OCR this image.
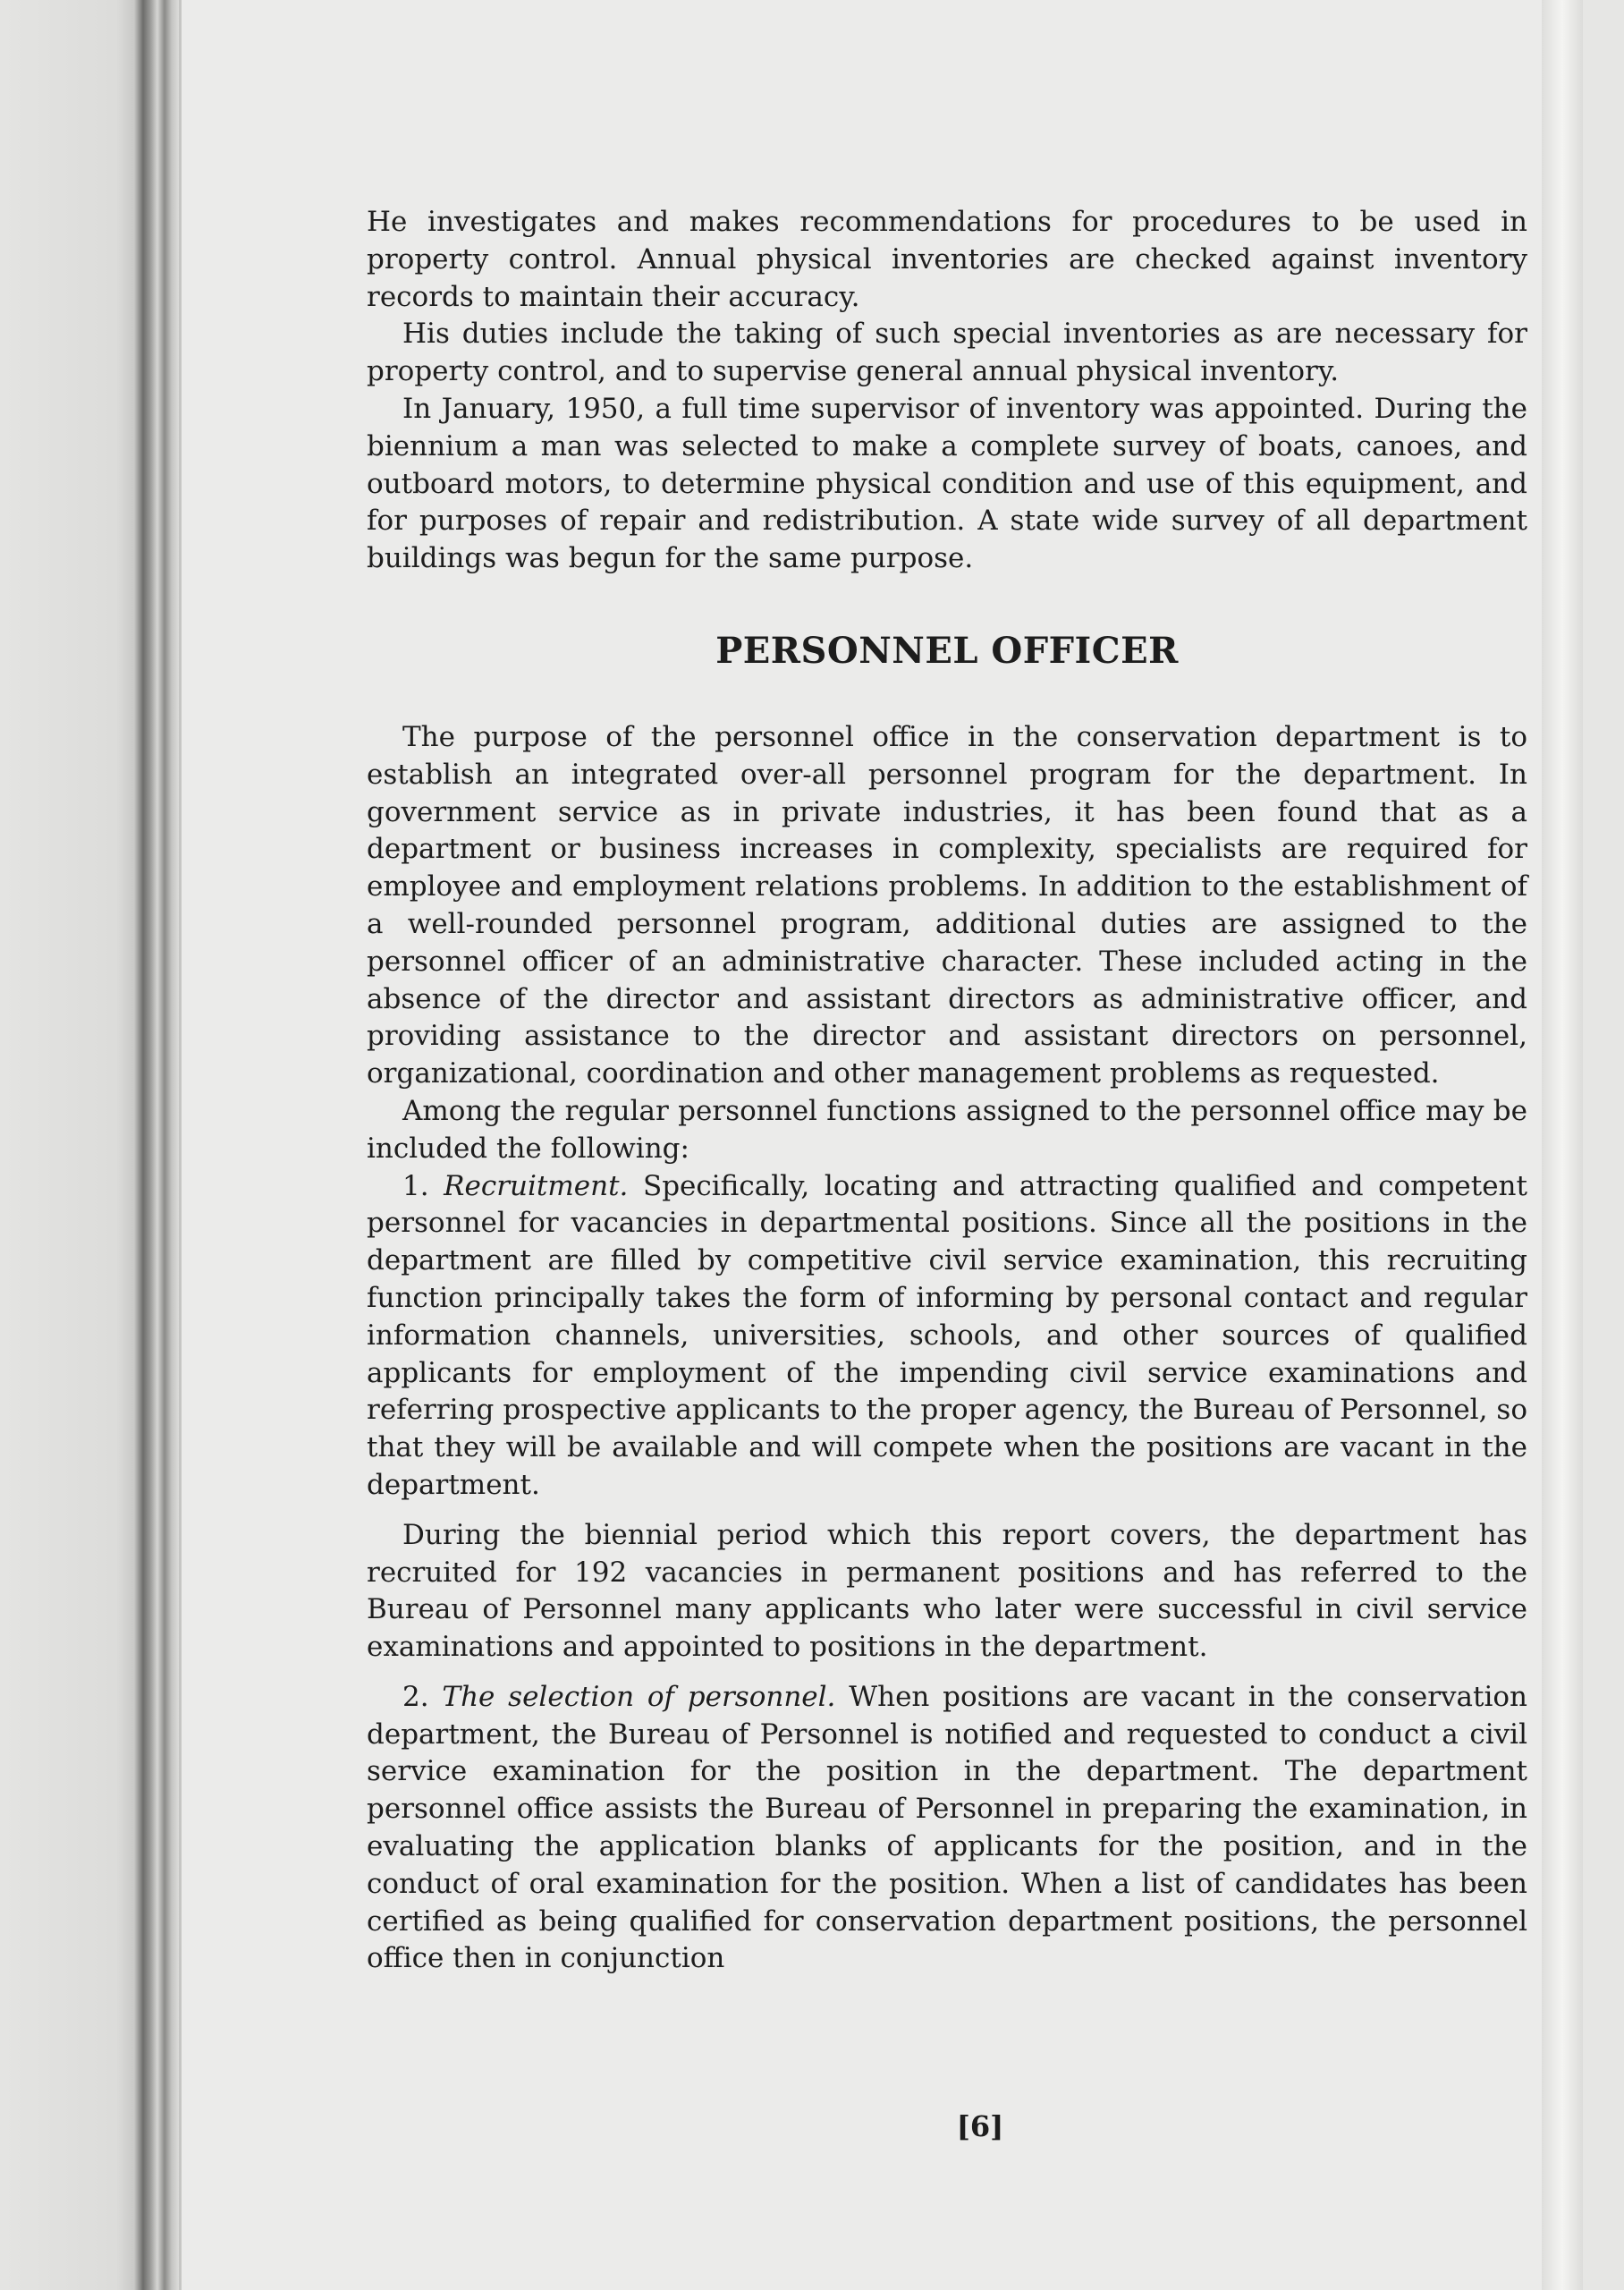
He investigates and makes recommendations for procedures to be used in property control. Annual physical inventories are checked against inventory records to maintain their accuracy.

His duties include the taking of such special inventories as are necessary for property control, and to supervise general annual physical inventory.

In January, 1950, a full time supervisor of inventory was appointed. During the biennium a man was selected to make a complete survey of boats, canoes, and outboard motors, to determine physical condition and use of this equipment, and for purposes of repair and redistribution. A state wide survey of all department buildings was begun for the same purpose.

PERSONNEL OFFICER

The purpose of the personnel office in the conservation department is to establish an integrated over-all personnel program for the department. In government service as in private industries, it has been found that as a department or business increases in complexity, specialists are required for employee and employment relations problems. In addition to the establishment of a well-rounded personnel program, additional duties are assigned to the personnel officer of an administrative character. These included acting in the absence of the director and assistant directors as administrative officer, and providing assistance to the director and assistant directors on personnel, organizational, coordination and other management problems as requested.

Among the regular personnel functions assigned to the personnel office may be included the following:

1. Recruitment. Specifically, locating and attracting qualified and competent personnel for vacancies in departmental positions. Since all the positions in the department are filled by competitive civil service examination, this recruiting function principally takes the form of informing by personal contact and regular information channels, universities, schools, and other sources of qualified applicants for employment of the impending civil service examinations and referring prospective applicants to the proper agency, the Bureau of Personnel, so that they will be available and will compete when the positions are vacant in the department.

During the biennial period which this report covers, the department has recruited for 192 vacancies in permanent positions and has referred to the Bureau of Personnel many applicants who later were successful in civil service examinations and appointed to positions in the department.

2. The selection of personnel. When positions are vacant in the conservation department, the Bureau of Personnel is notified and requested to conduct a civil service examination for the position in the department. The department personnel office assists the Bureau of Personnel in preparing the examination, in evaluating the application blanks of applicants for the position, and in the conduct of oral examination for the position. When a list of candidates has been certified as being qualified for conservation department positions, the personnel office then in conjunction

[6]
